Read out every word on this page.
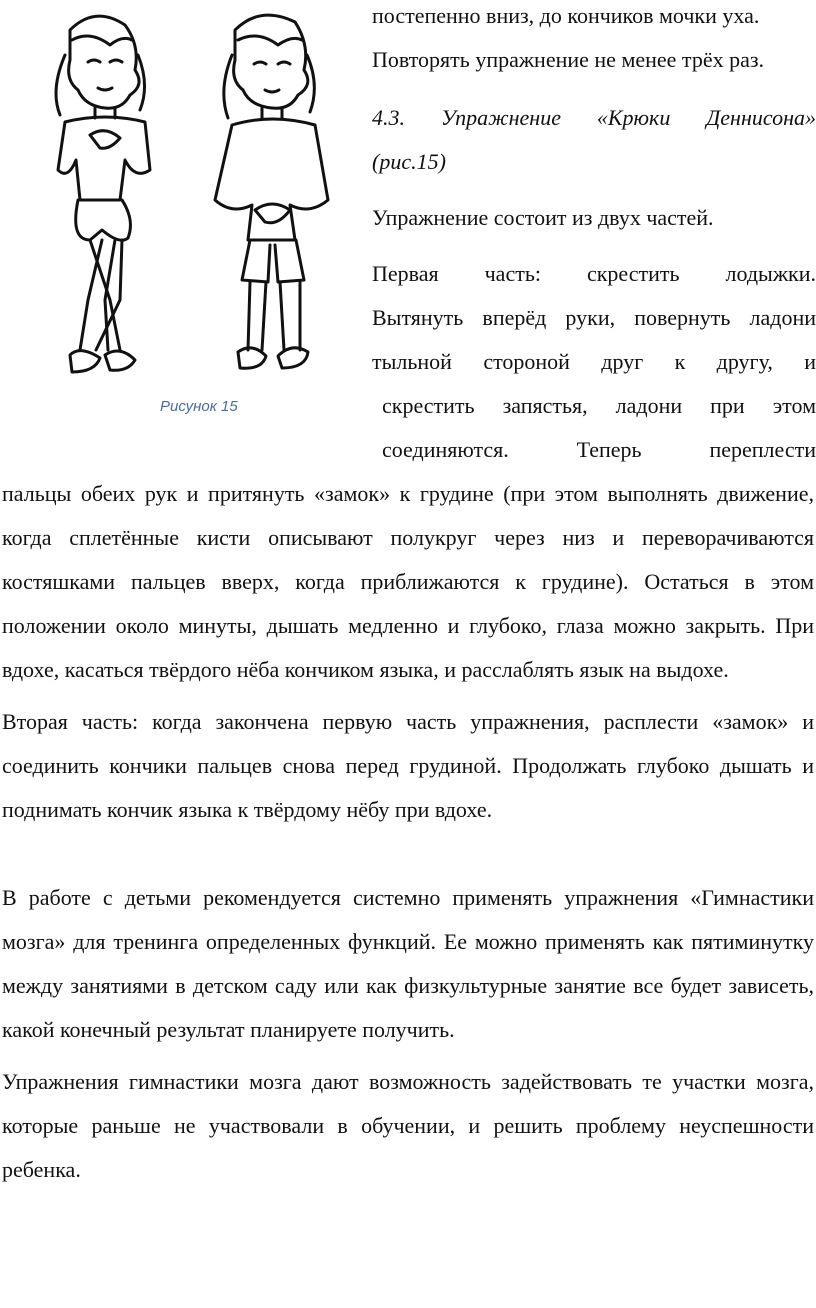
Рисунок 15
постепенно вниз, до кончиков мочки уха.
Повторять упражнение не менее трёх раз.
4.3. Упражнение «Крюки Деннисона»
(рис.15)
Упражнение состоит из двух частей.
Первая часть: скрестить лодыжки.
Вытянуть вперёд руки, повернуть ладони
тыльной стороной друг к другу, и
скрестить запястья, ладони при этом
соединяются. Теперь переплести

пальцы обеих рук и притянуть «замок» к грудине (при этом выполнять движение, когда сплетённые кисти описывают полукруг через низ и переворачиваются костяшками пальцев вверх, когда приближаются к грудине). Остаться в этом положении около минуты, дышать медленно и глубоко, глаза можно закрыть. При вдохе, касаться твёрдого нёба кончиком языка, и расслаблять язык на выдохе.

Вторая часть: когда закончена первую часть упражнения, расплести «замок» и соединить кончики пальцев снова перед грудиной. Продолжать глубоко дышать и поднимать кончик языка к твёрдому нёбу при вдохе.

В работе с детьми рекомендуется системно применять упражнения «Гимнастики мозга» для тренинга определенных функций. Ее можно применять как пятиминутку между занятиями в детском саду или как физкультурные занятие все будет зависеть, какой конечный результат планируете получить.

Упражнения гимнастики мозга дают возможность задействовать те участки мозга, которые раньше не участвовали в обучении, и решить проблему неуспешности ребенка.
